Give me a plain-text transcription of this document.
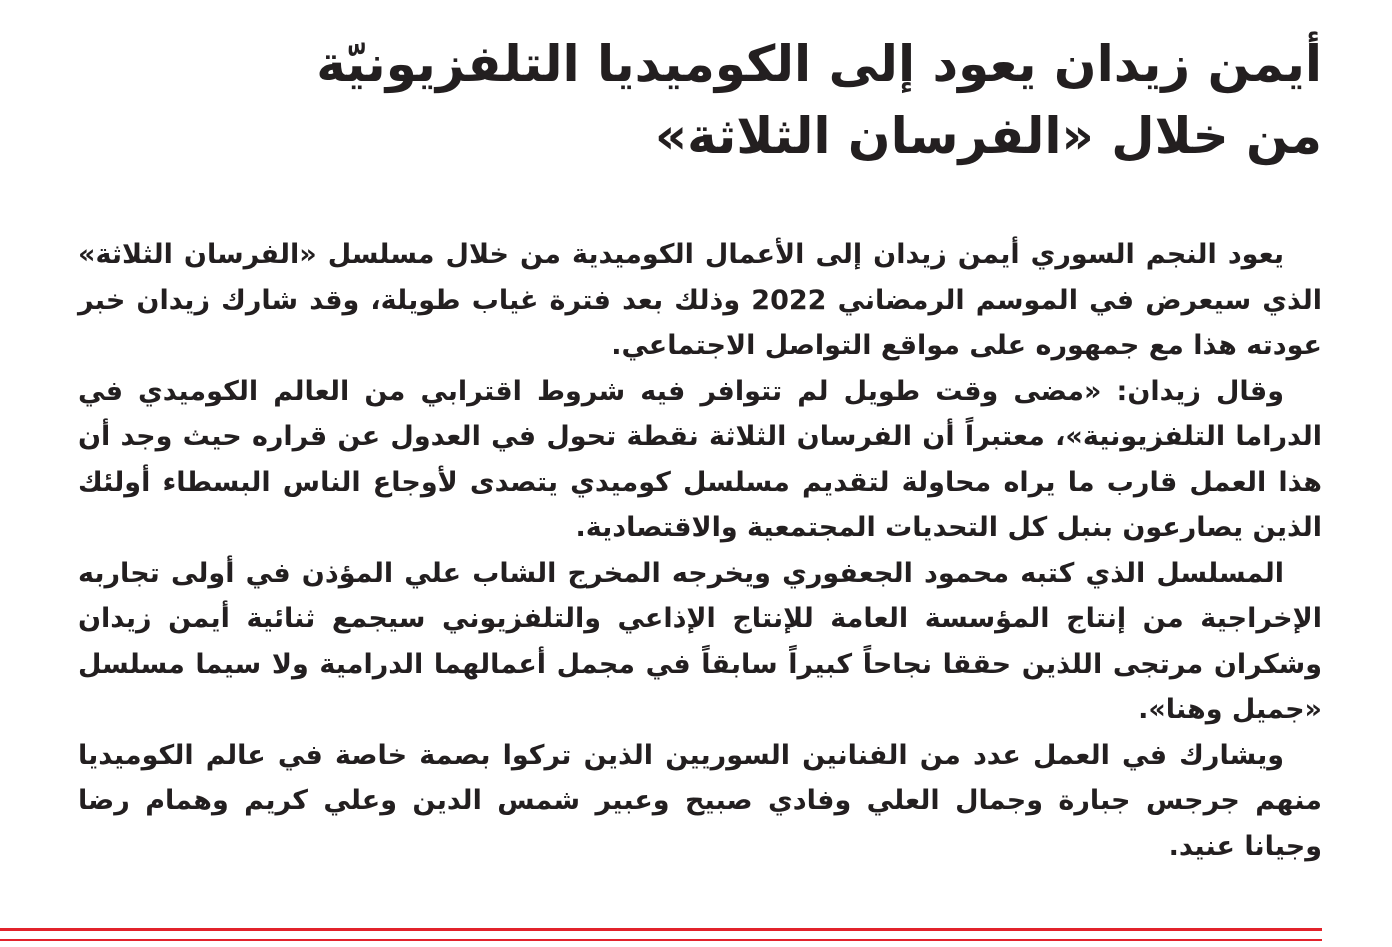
أيمن زيدان يعود إلى الكوميديا التلفزيونيّة
من خلال «الفرسان الثلاثة»

يعود النجم السوري أيمن زيدان إلى الأعمال الكوميدية من خلال مسلسل «الفرسان الثلاثة» الذي سيعرض في الموسم الرمضاني 2022 وذلك بعد فترة غياب طويلة، وقد شارك زيدان خبر عودته هذا مع جمهوره على مواقع التواصل الاجتماعي.

وقال زيدان: «مضى وقت طويل لم تتوافر فيه شروط اقترابي من العالم الكوميدي في الدراما التلفزيونية»، معتبراً أن الفرسان الثلاثة نقطة تحول في العدول عن قراره حيث وجد أن هذا العمل قارب ما يراه محاولة لتقديم مسلسل كوميدي يتصدى لأوجاع الناس البسطاء أولئك الذين يصارعون بنبل كل التحديات المجتمعية والاقتصادية.

المسلسل الذي كتبه محمود الجعفوري ويخرجه المخرج الشاب علي المؤذن في أولى تجاربه الإخراجية من إنتاج المؤسسة العامة للإنتاج الإذاعي والتلفزيوني سيجمع ثنائية أيمن زيدان وشكران مرتجى اللذين حققا نجاحاً كبيراً سابقاً في مجمل أعمالهما الدرامية ولا سيما مسلسل «جميل وهنا».

ويشارك في العمل عدد من الفنانين السوريين الذين تركوا بصمة خاصة في عالم الكوميديا منهم جرجس جبارة وجمال العلي وفادي صبيح وعبير شمس الدين وعلي كريم وهمام رضا وجيانا عنيد.
